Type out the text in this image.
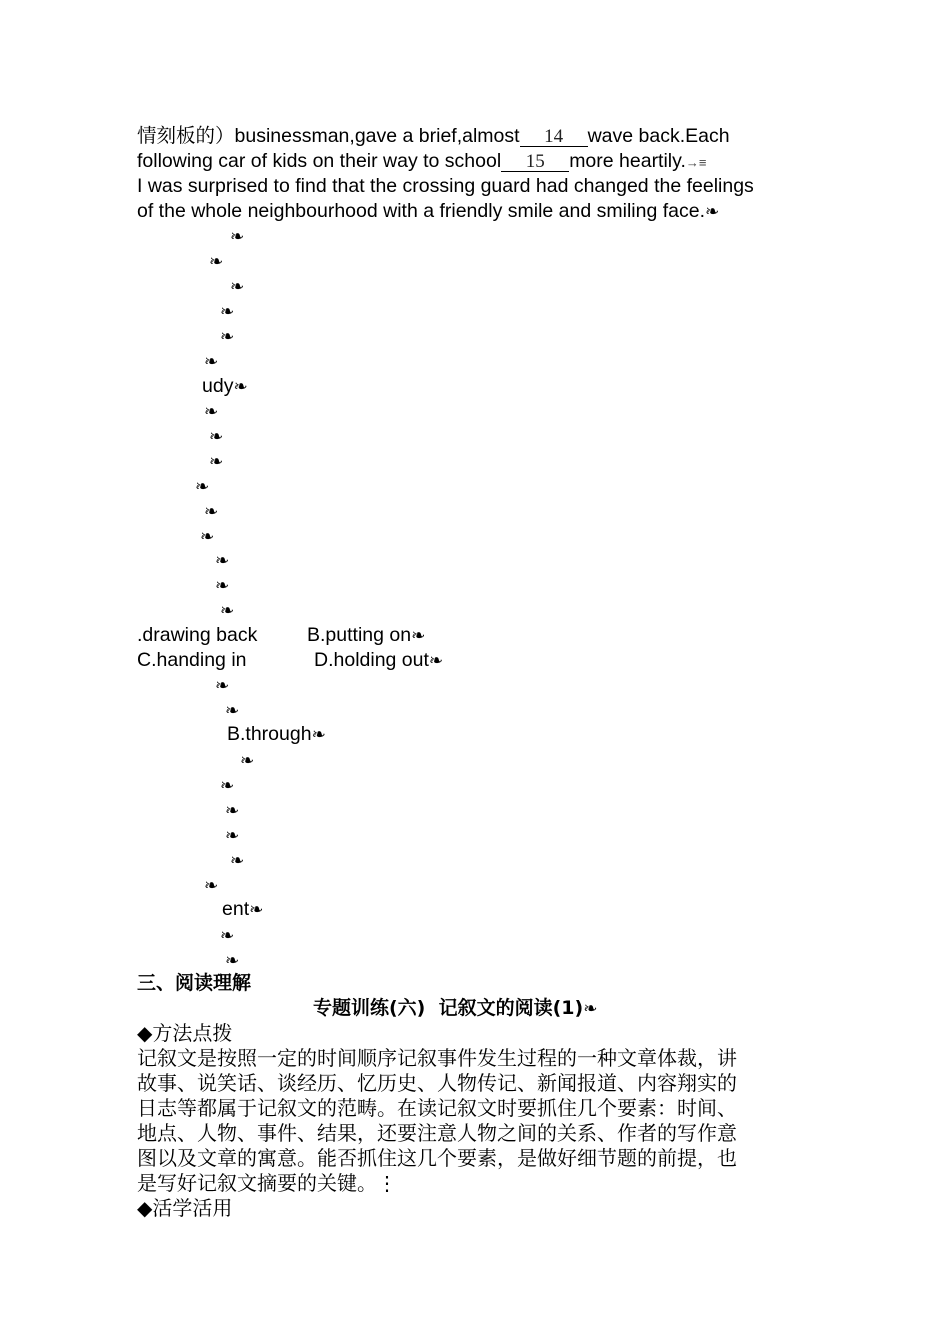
情刻板的）businessman,gave a brief,almost 14 wave back.Each
following car of kids on their way to school 15 more heartily.→≡
I was surprised to find that the crossing guard had changed the feelings
of the whole neighbourhood with a friendly smile and smiling face.❧
❧
❧
❧
❧
❧
❧
udy❧
❧
❧
❧
❧
❧
❧
❧
❧
❧
.drawing back	B.putting on❧
C.handing in	D.holding out❧
❧
❧
B.through❧
❧
❧
❧
❧
❧
❧
ent❧
❧
❧
三、阅读理解
专题训练(六)  记叙文的阅读(1)❧
◆方法点拨
记叙文是按照一定的时间顺序记叙事件发生过程的一种文章体裁，讲
故事、说笑话、谈经历、忆历史、人物传记、新闻报道、内容翔实的
日志等都属于记叙文的范畴。在读记叙文时要抓住几个要素：时间、
地点、人物、事件、结果，还要注意人物之间的关系、作者的写作意
图以及文章的寓意。能否抓住这几个要素，是做好细节题的前提，也
是写好记叙文摘要的关键。⋮
◆活学活用
